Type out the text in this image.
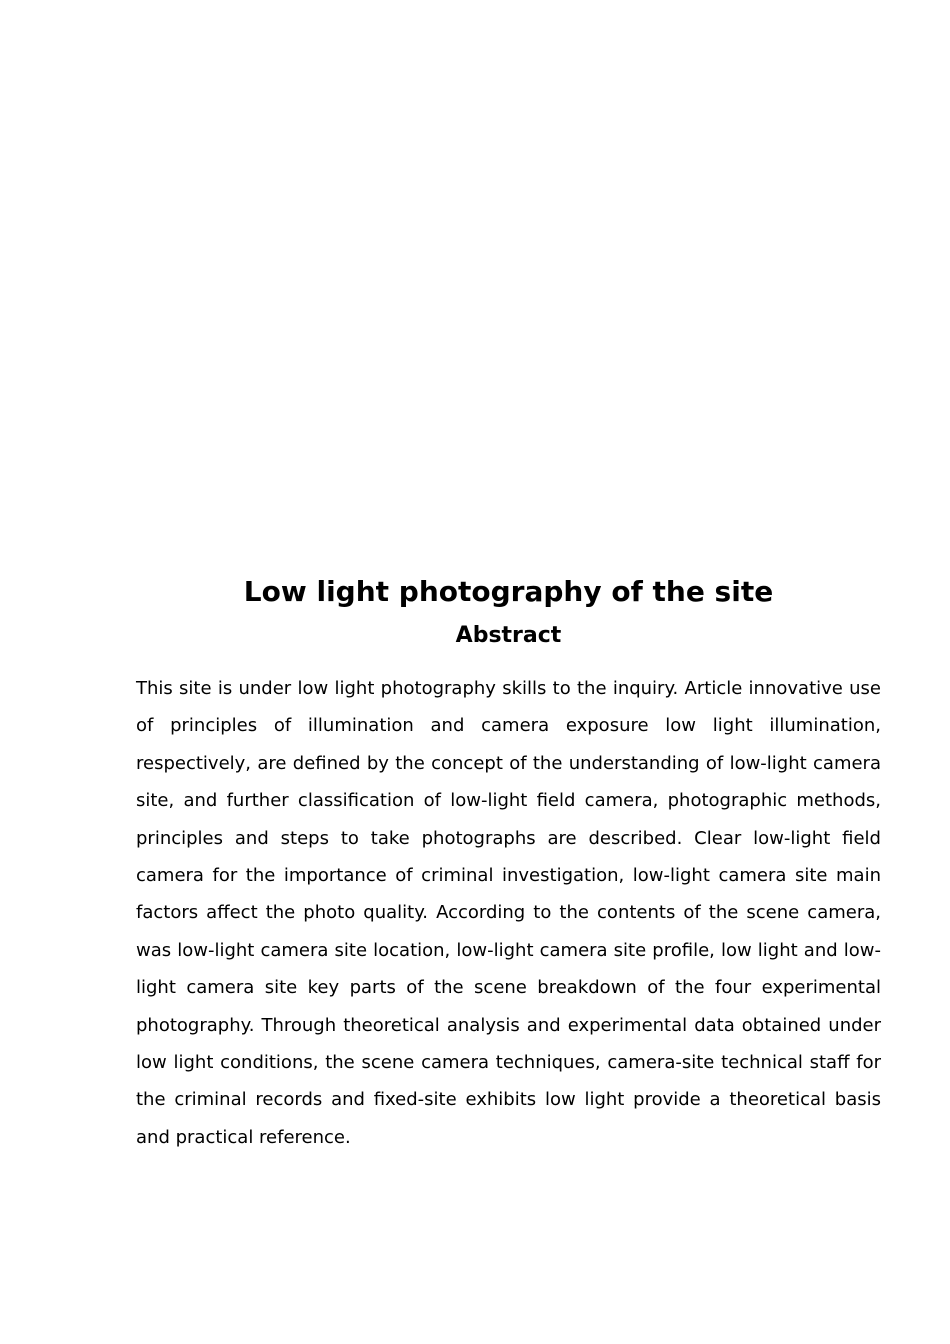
Low light photography of the site
Abstract

This site is under low light photography skills to the inquiry. Article innovative use of principles of illumination and camera exposure low light illumination, respectively, are defined by the concept of the understanding of low-light camera site, and further classification of low-light field camera, photographic methods, principles and steps to take photographs are described. Clear low-light field camera for the importance of criminal investigation, low-light camera site main factors affect the photo quality. According to the contents of the scene camera, was low-light camera site location, low-light camera site profile, low light and low-light camera site key parts of the scene breakdown of the four experimental photography. Through theoretical analysis and experimental data obtained under low light conditions, the scene camera techniques, camera-site technical staff for the criminal records and fixed-site exhibits low light provide a theoretical basis and practical reference.
